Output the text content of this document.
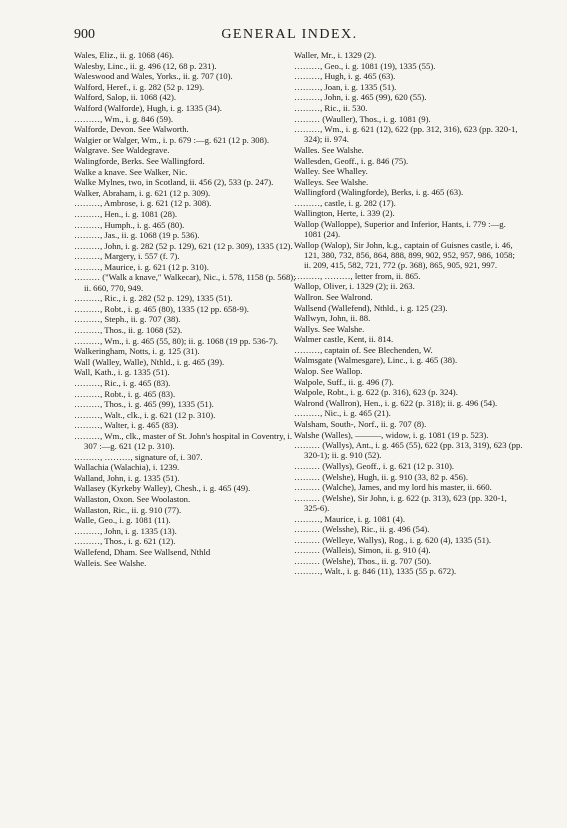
900	GENERAL INDEX.
Wales, Eliz., ii. g. 1068 (46).
Walesby, Linc., ii. g. 496 (12, 68 p. 231).
Waleswood and Wales, Yorks., ii. g. 707 (10).
Walford, Heref., i. g. 282 (52 p. 129).
Walford, Salop, ii. 1068 (42).
Walford (Walforde), Hugh, i. g. 1335 (34).
………, Wm., i. g. 846 (59).
Walforde, Devon. See Walworth.
Walgier or Walger, Wm., i. p. 679 :—g. 621 (12 p. 308).
Walgrave. See Waldegrave.
Walingforde, Berks. See Wallingford.
Walke a knave. See Walker, Nic.
Walke Mylnes, two, in Scotland, ii. 456 (2), 533 (p. 247).
Walker, Abraham, i. g. 621 (12 p. 309).
………, Ambrose, i. g. 621 (12 p. 308).
………, Hen., i. g. 1081 (28).
………, Humph., i. g. 465 (80).
………, Jas., ii. g. 1068 (19 p. 536).
………, John, i. g. 282 (52 p. 129), 621 (12 p. 309), 1335 (12).
………, Margery, i. 557 (f. 7).
………, Maurice, i. g. 621 (12 p. 310).
……… ("Walk a knave," Walkecar), Nic., i. 578, 1158 (p. 568); ii. 660, 770, 949.
………, Ric., i. g. 282 (52 p. 129), 1335 (51).
………, Robt., i. g. 465 (80), 1335 (12 pp. 658-9).
………, Steph., ii. g. 707 (38).
………, Thos., ii. g. 1068 (52).
………, Wm., i. g. 465 (55, 80); ii. g. 1068 (19 pp. 536-7).
Walkeringham, Notts, i. g. 125 (31).
Wall (Walley, Walle), Nthld., i. g. 465 (39).
Wall, Kath., i. g. 1335 (51).
………, Ric., i. g. 465 (83).
………, Robt., i. g. 465 (83).
………, Thos., i. g. 465 (99), 1335 (51).
………, Walt., clk., i. g. 621 (12 p. 310).
………, Walter, i. g. 465 (83).
………, Wm., clk., master of St. John's hospital in Coventry, i. 307 :—g. 621 (12 p. 310).
………, ………, signature of, i. 307.
Wallachia (Walachia), i. 1239.
Walland, John, i. g. 1335 (51).
Wallasey (Kyrkeby Walley), Chesh., i. g. 465 (49).
Wallaston, Oxon. See Woolaston.
Wallaston, Ric., ii. g. 910 (77).
Walle, Geo., i. g. 1081 (11).
………, John, i. g. 1335 (13).
………, Thos., i. g. 621 (12).
Wallefend, Dham. See Wallsend, Nthld
Walleis. See Walshe.
Waller, Mr., i. 1329 (2).
………, Geo., i. g. 1081 (19), 1335 (55).
………, Hugh, i. g. 465 (63).
………, Joan, i. g. 1335 (51).
………, John, i. g. 465 (99), 620 (55).
………, Ric., ii. 530.
……… (Wauller), Thos., i. g. 1081 (9).
………, Wm., i. g. 621 (12), 622 (pp. 312, 316), 623 (pp. 320-1, 324); ii. 974.
Walles. See Walshe.
Wallesden, Geoff., i. g. 846 (75).
Walley. See Whalley.
Walleys. See Walshe.
Wallingford (Walingforde), Berks, i. g. 465 (63).
………, castle, i. g. 282 (17).
Wallington, Herte, i. 339 (2).
Wallop (Walloppe), Superior and Inferior, Hants, i. 779 :—g. 1081 (24).
Wallop (Walop), Sir John, k.g., captain of Guisnes castle, i. 46, 121, 380, 732, 856, 864, 888, 899, 902, 952, 957, 986, 1058; ii. 209, 415, 582, 721, 772 (p. 368), 865, 905, 921, 997.
………, ………, letter from, ii. 865.
Wallop, Oliver, i. 1329 (2); ii. 263.
Wallron. See Walrond.
Wallsend (Wallefend), Nthld., i. g. 125 (23).
Wallwyn, John, ii. 88.
Wallys. See Walshe.
Walmer castle, Kent, ii. 814.
………, captain of. See Blechenden, W.
Walmsgate (Walmesgare), Linc., i. g. 465 (38).
Walop. See Wallop.
Walpole, Suff., ii. g. 496 (7).
Walpole, Robt., i. g. 622 (p. 316), 623 (p. 324).
Walrond (Wallron), Hen., i. g. 622 (p. 318); ii. g. 496 (54).
………, Nic., i. g. 465 (21).
Walsham, South-, Norf., ii. g. 707 (8).
Walshe (Walles), ———, widow, i. g. 1081 (19 p. 523).
……… (Wallys), Ant., i. g. 465 (55), 622 (pp. 313, 319), 623 (pp. 320-1); ii. g. 910 (52).
……… (Wallys), Geoff., i. g. 621 (12 p. 310).
……… (Welshe), Hugh, ii. g. 910 (33, 82 p. 456).
……… (Walche), James, and my lord his master, ii. 660.
……… (Welshe), Sir John, i. g. 622 (p. 313), 623 (pp. 320-1, 325-6).
………, Maurice, i. g. 1081 (4).
……… (Welsshe), Ric., ii. g. 496 (54).
……… (Welleye, Wallys), Rog., i. g. 620 (4), 1335 (51).
……… (Walleis), Simon, ii. g. 910 (4).
……… (Welshe), Thos., ii. g. 707 (50).
………, Walt., i. g. 846 (11), 1335 (55 p. 672).
